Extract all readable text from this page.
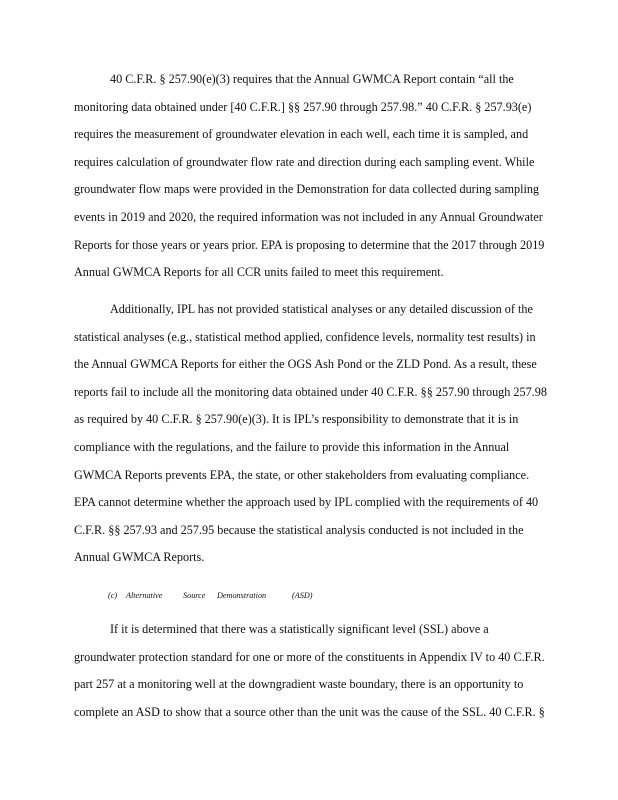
40 C.F.R. § 257.90(e)(3) requires that the Annual GWMCA Report contain “all the
monitoring data obtained under [40 C.F.R.] §§ 257.90 through 257.98.” 40 C.F.R. § 257.93(e)
requires the measurement of groundwater elevation in each well, each time it is sampled, and
requires calculation of groundwater flow rate and direction during each sampling event. While
groundwater flow maps were provided in the Demonstration for data collected during sampling
events in 2019 and 2020, the required information was not included in any Annual Groundwater
Reports for those years or years prior. EPA is proposing to determine that the 2017 through 2019
Annual GWMCA Reports for all CCR units failed to meet this requirement.

Additionally, IPL has not provided statistical analyses or any detailed discussion of the
statistical analyses (e.g., statistical method applied, confidence levels, normality test results) in
the Annual GWMCA Reports for either the OGS Ash Pond or the ZLD Pond. As a result, these
reports fail to include all the monitoring data obtained under 40 C.F.R. §§ 257.90 through 257.98
as required by 40 C.F.R. § 257.90(e)(3). It is IPL’s responsibility to demonstrate that it is in
compliance with the regulations, and the failure to provide this information in the Annual
GWMCA Reports prevents EPA, the state, or other stakeholders from evaluating compliance.
EPA cannot determine whether the approach used by IPL complied with the requirements of 40
C.F.R. §§ 257.93 and 257.95 because the statistical analysis conducted is not included in the
Annual GWMCA Reports.

(c) Alternative	Source Demonstration	(ASD)

If it is determined that there was a statistically significant level (SSL) above a
groundwater protection standard for one or more of the constituents in Appendix IV to 40 C.F.R.
part 257 at a monitoring well at the downgradient waste boundary, there is an opportunity to
complete an ASD to show that a source other than the unit was the cause of the SSL. 40 C.F.R. §
